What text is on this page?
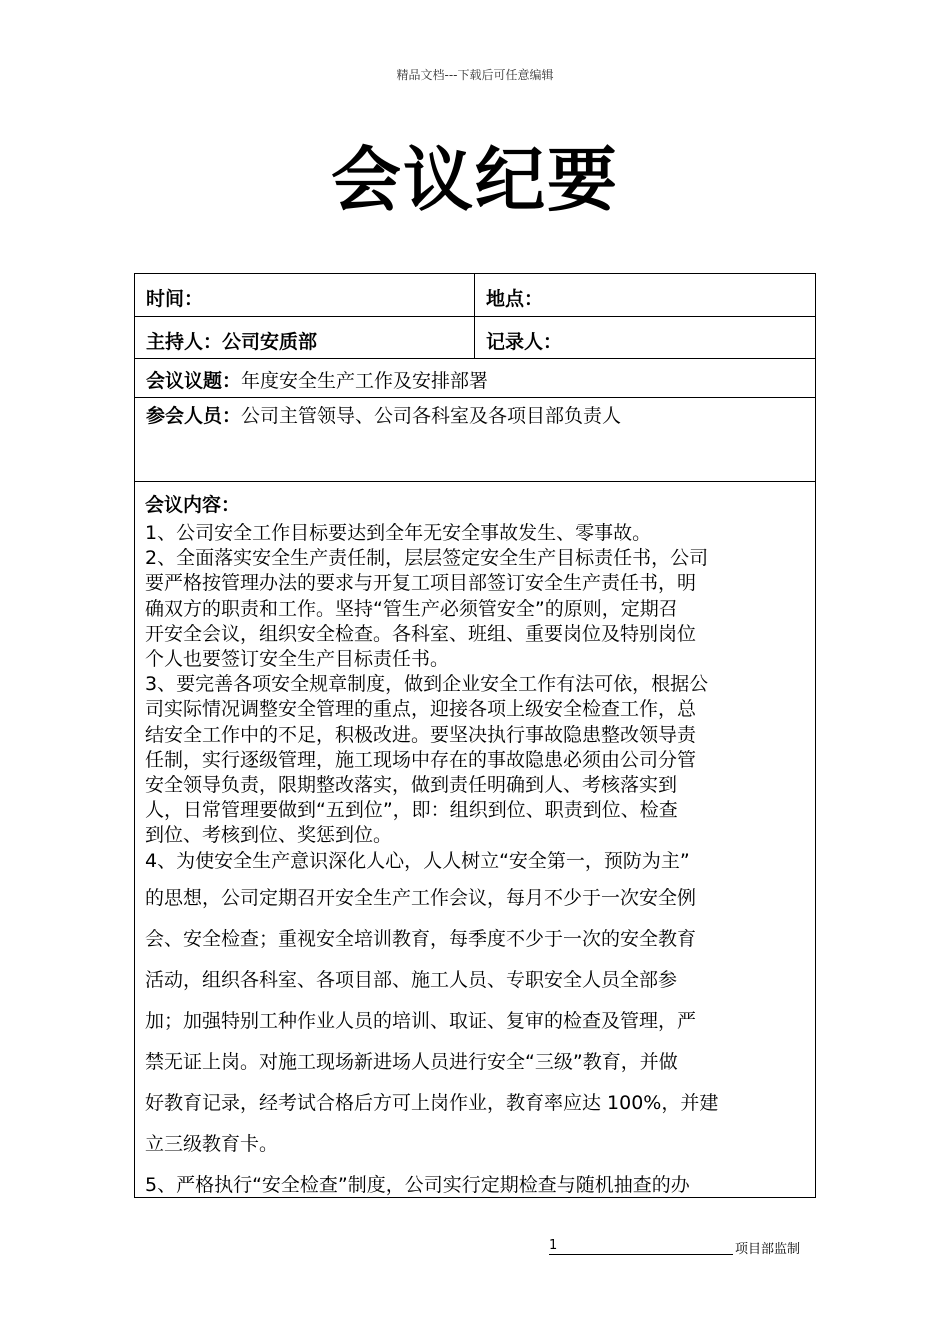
精品文档---下载后可任意编辑
会议纪要
时间：	地点：
主持人：公司安质部	记录人：
会议议题：年度安全生产工作及安排部署
参会人员：公司主管领导、公司各科室及各项目部负责人
会议内容：
1、公司安全工作目标要达到全年无安全事故发生、零事故。
2、全面落实安全生产责任制，层层签定安全生产目标责任书，公司
要严格按管理办法的要求与开复工项目部签订安全生产责任书，明
确双方的职责和工作。坚持“管生产必须管安全”的原则，定期召
开安全会议，组织安全检查。各科室、班组、重要岗位及特别岗位
个人也要签订安全生产目标责任书。
3、要完善各项安全规章制度，做到企业安全工作有法可依，根据公
司实际情况调整安全管理的重点，迎接各项上级安全检查工作，总
结安全工作中的不足，积极改进。要坚决执行事故隐患整改领导责
任制，实行逐级管理，施工现场中存在的事故隐患必须由公司分管
安全领导负责，限期整改落实，做到责任明确到人、考核落实到
人，日常管理要做到“五到位”，即：组织到位、职责到位、检查
到位、考核到位、奖惩到位。
4、为使安全生产意识深化人心，人人树立“安全第一，预防为主”
的思想，公司定期召开安全生产工作会议，每月不少于一次安全例
会、安全检查；重视安全培训教育，每季度不少于一次的安全教育
活动，组织各科室、各项目部、施工人员、专职安全人员全部参
加；加强特别工种作业人员的培训、取证、复审的检查及管理，严
禁无证上岗。对施工现场新进场人员进行安全“三级”教育，并做
好教育记录，经考试合格后方可上岗作业，教育率应达 100%，并建
立三级教育卡。
5、严格执行“安全检查”制度，公司实行定期检查与随机抽查的办
1	项目部监制
